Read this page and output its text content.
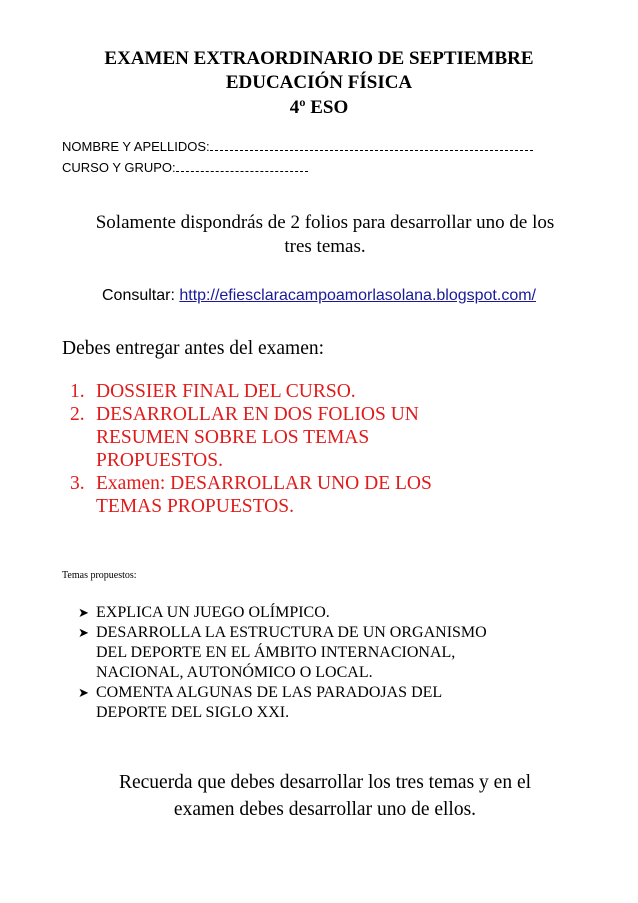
EXAMEN EXTRAORDINARIO DE SEPTIEMBRE
EDUCACIÓN FÍSICA
4º ESO
NOMBRE Y APELLIDOS:
CURSO Y GRUPO:
Solamente dispondrás de 2 folios para desarrollar uno de los
tres temas.
Consultar: http://efiesclaracampoamorlasolana.blogspot.com/
Debes entregar antes del examen:
1. DOSSIER FINAL DEL CURSO.
2. DESARROLLAR EN DOS FOLIOS UN
RESUMEN SOBRE LOS TEMAS
PROPUESTOS.
3. Examen: DESARROLLAR UNO DE LOS
TEMAS PROPUESTOS.
Temas propuestos:
➤ EXPLICA UN JUEGO OLÍMPICO.
➤ DESARROLLA LA ESTRUCTURA DE UN ORGANISMO
DEL DEPORTE EN EL ÁMBITO INTERNACIONAL,
NACIONAL, AUTONÓMICO O LOCAL.
➤ COMENTA ALGUNAS DE LAS PARADOJAS DEL
DEPORTE DEL SIGLO XXI.
Recuerda que debes desarrollar los tres temas y en el
examen debes desarrollar uno de ellos.
